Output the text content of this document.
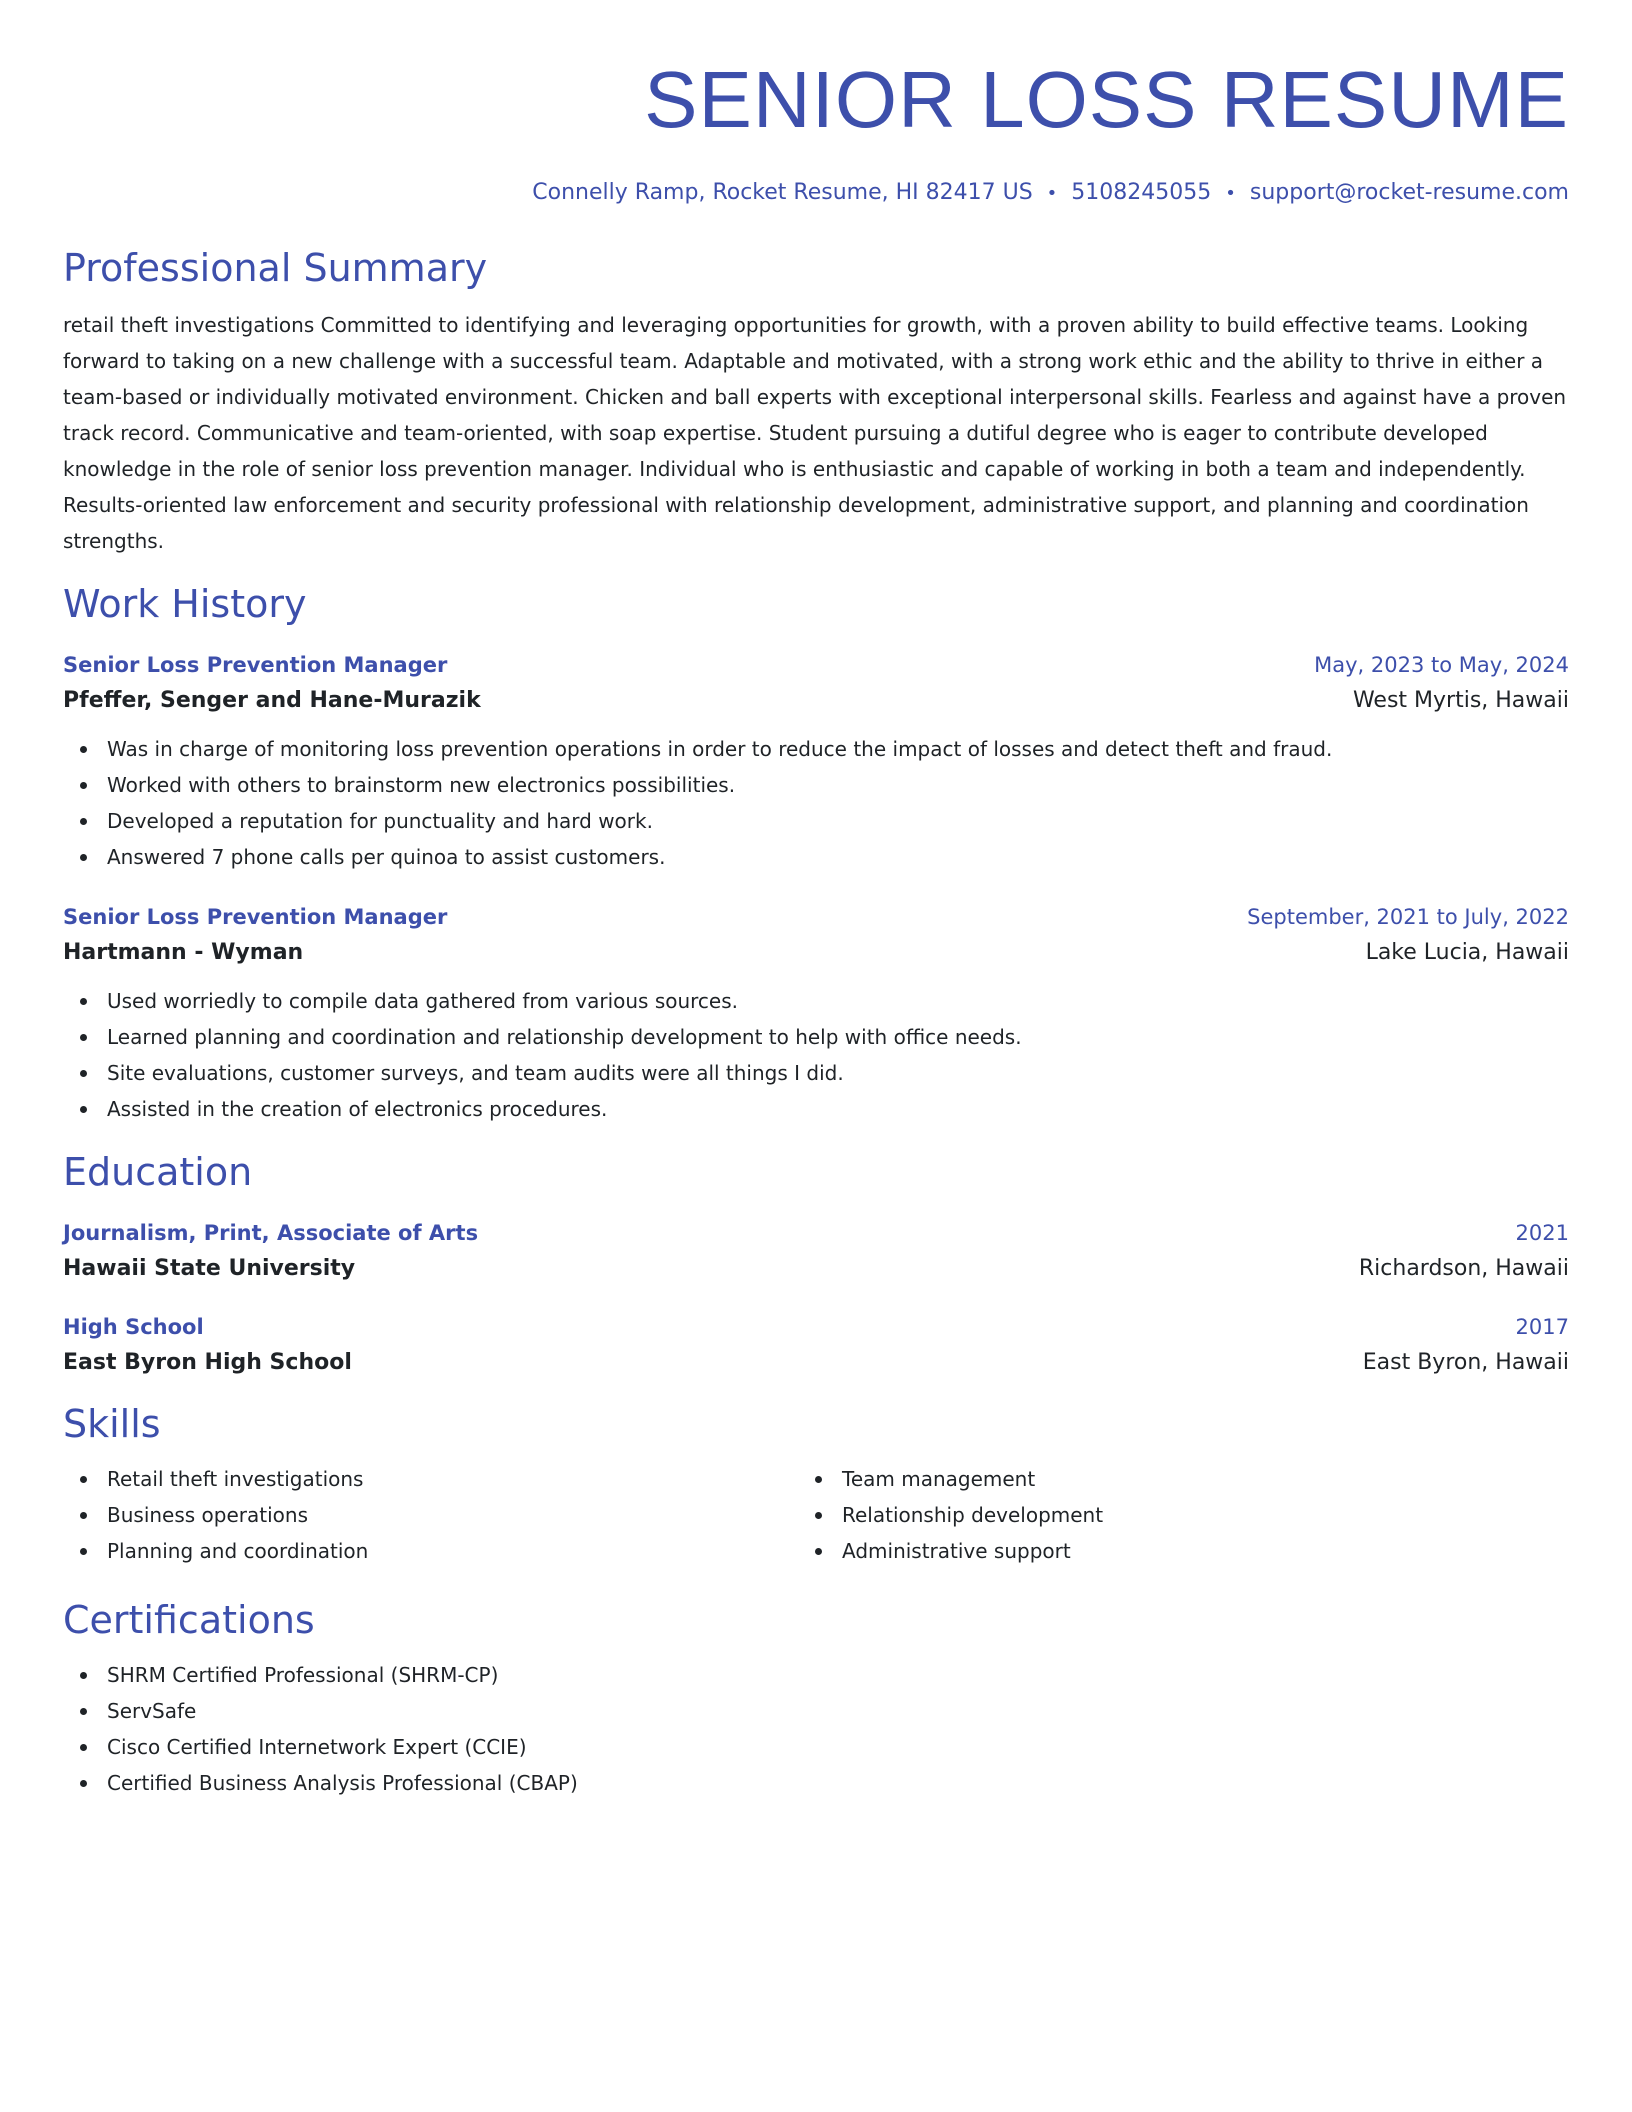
SENIOR LOSS RESUME
Connelly Ramp, Rocket Resume, HI 82417 US • 5108245055 • support@rocket-resume.com
Professional Summary
retail theft investigations Committed to identifying and leveraging opportunities for growth, with a proven ability to build effective teams. Looking forward to taking on a new challenge with a successful team. Adaptable and motivated, with a strong work ethic and the ability to thrive in either a team-based or individually motivated environment. Chicken and ball experts with exceptional interpersonal skills. Fearless and against have a proven track record. Communicative and team-oriented, with soap expertise. Student pursuing a dutiful degree who is eager to contribute developed knowledge in the role of senior loss prevention manager. Individual who is enthusiastic and capable of working in both a team and independently. Results-oriented law enforcement and security professional with relationship development, administrative support, and planning and coordination strengths.
Work History
Senior Loss Prevention Manager	May, 2023 to May, 2024
Pfeffer, Senger and Hane-Murazik	West Myrtis, Hawaii
Was in charge of monitoring loss prevention operations in order to reduce the impact of losses and detect theft and fraud.
Worked with others to brainstorm new electronics possibilities.
Developed a reputation for punctuality and hard work.
Answered 7 phone calls per quinoa to assist customers.
Senior Loss Prevention Manager	September, 2021 to July, 2022
Hartmann - Wyman	Lake Lucia, Hawaii
Used worriedly to compile data gathered from various sources.
Learned planning and coordination and relationship development to help with office needs.
Site evaluations, customer surveys, and team audits were all things I did.
Assisted in the creation of electronics procedures.
Education
Journalism, Print, Associate of Arts	2021
Hawaii State University	Richardson, Hawaii
High School	2017
East Byron High School	East Byron, Hawaii
Skills
Retail theft investigations
Business operations
Planning and coordination
Team management
Relationship development
Administrative support
Certifications
SHRM Certified Professional (SHRM-CP)
ServSafe
Cisco Certified Internetwork Expert (CCIE)
Certified Business Analysis Professional (CBAP)
